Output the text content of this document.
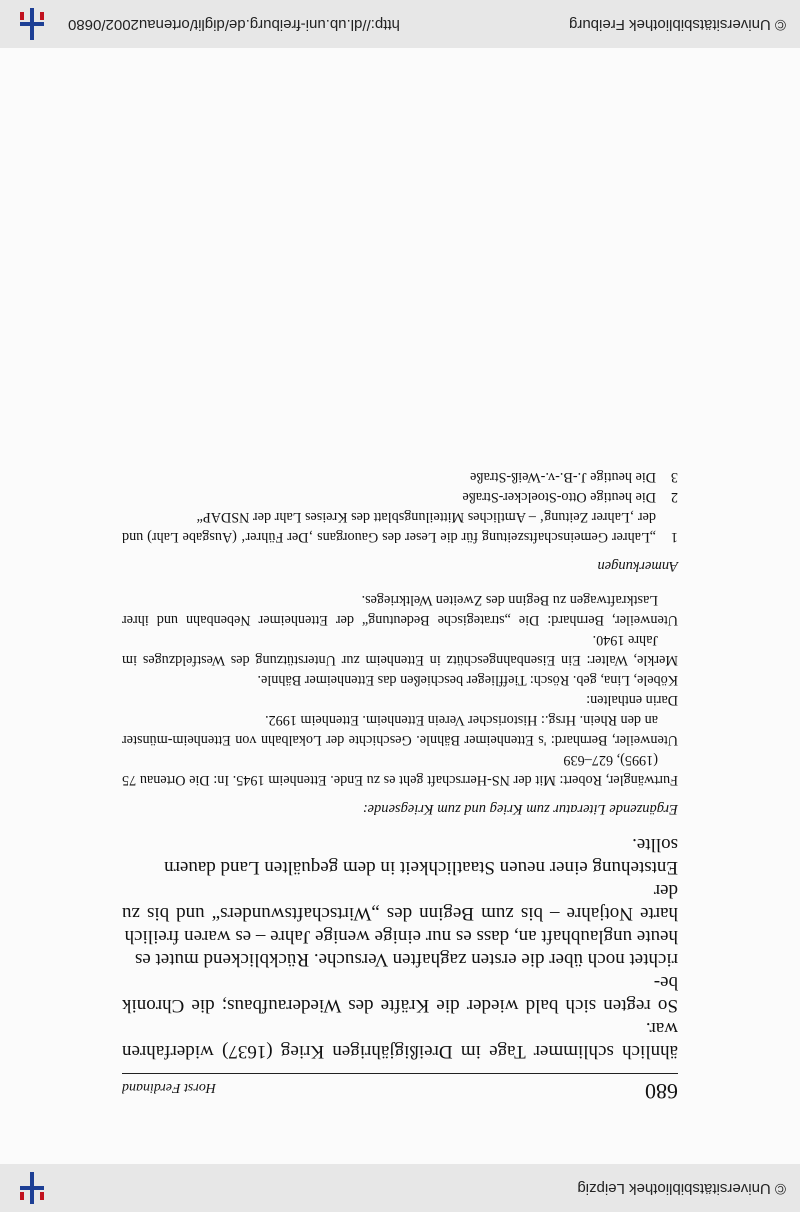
© Universitätsbibliothek Leipzig
680
Horst Ferdinand

ähnlich schlimmer Tage im Dreißigjährigen Krieg (1637) widerfahren war.

So regten sich bald wieder die Kräfte des Wiederaufbaus; die Chronik be-

richtet noch über die ersten zaghaften Versuche. Rückblickend mutet es

heute unglaubhaft an, dass es nur einige wenige Jahre – es waren freilich

harte Notjahre – bis zum Beginn des „Wirtschaftswunders“ und bis zu der

Entstehung einer neuen Staatlichkeit in dem gequälten Land dauern sollte.

Ergänzende Literatur zum Krieg und zum Kriegsende:

Furtwängler, Robert: Mit der NS-Herrschaft geht es zu Ende. Ettenheim 1945. In: Die Ortenau 75 (1995), 627–639

Utenweiler, Bernhard: 's Ettenheimer Bähnle. Geschichte der Lokalbahn von Ettenheim-münster an den Rhein. Hrsg.: Historischer Verein Ettenheim. Ettenheim 1992.

Darin enthalten:

Köbele, Lina, geb. Rösch: Tiefflieger beschießen das Ettenheimer Bähnle.

Merkle, Walter: Ein Eisenbahngeschütz in Ettenheim zur Unterstützung des Westfeldzuges im Jahre 1940.

Utenweiler, Bernhard: Die „strategische Bedeutung“ der Ettenheimer Nebenbahn und ihrer Lastkraftwagen zu Beginn des Zweiten Weltkrieges.

Anmerkungen
1
„Lahrer Gemeinschaftszeitung für die Leser des Gauorgans ‚Der Führer‘ (Ausgabe Lahr) und der ‚Lahrer Zeitung‘ – Amtliches Mitteilungsblatt des Kreises Lahr der NSDAP“
2
Die heutige Otto-Stoelcker-Straße
3
Die heutige J.-B.-v.-Weiß-Straße
© Universitätsbibliothek Freiburg
http://dl.ub.uni-freiburg.de/diglit/ortenau2002/0680
